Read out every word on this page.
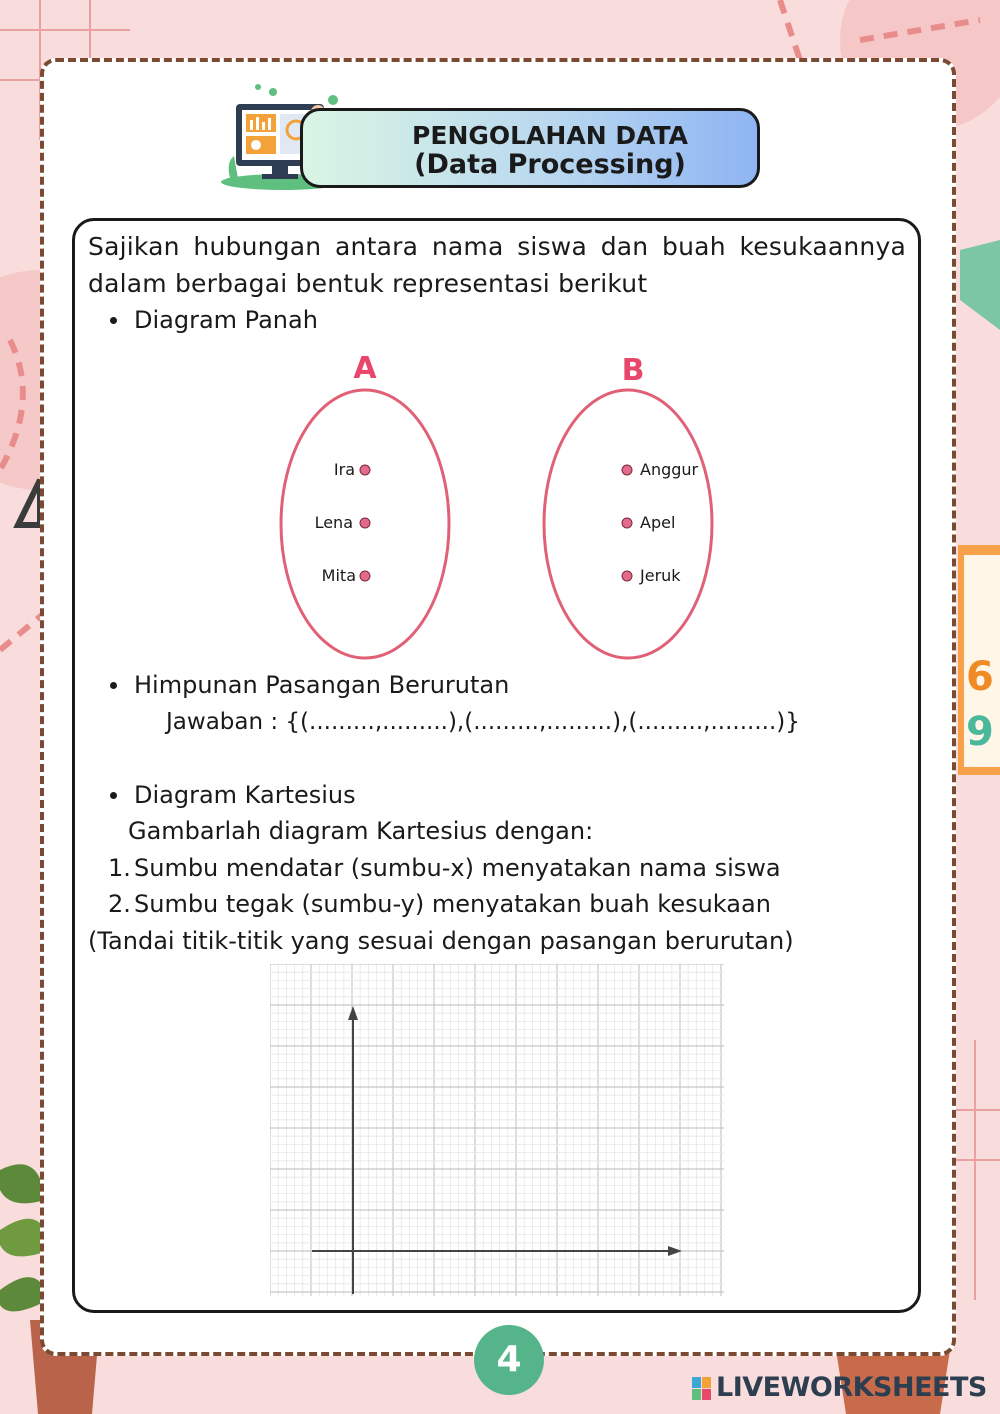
6
9
PENGOLAHAN DATA
(Data Processing)
Sajikan hubungan antara nama siswa dan buah kesukaannya dalam berbagai bentuk representasi berikut
Diagram Panah
A	B
Ira
Lena
Mita
Anggur
Apel
Jeruk
Himpunan Pasangan Berurutan
Jawaban : {(.........,.........),(.........,.........),(.........,.........)}
Diagram Kartesius
Gambarlah diagram Kartesius dengan:
1. Sumbu mendatar (sumbu-x) menyatakan nama siswa
2. Sumbu tegak (sumbu-y) menyatakan buah kesukaan
(Tandai titik-titik yang sesuai dengan pasangan berurutan)
4
LIVEWORKSHEETS
